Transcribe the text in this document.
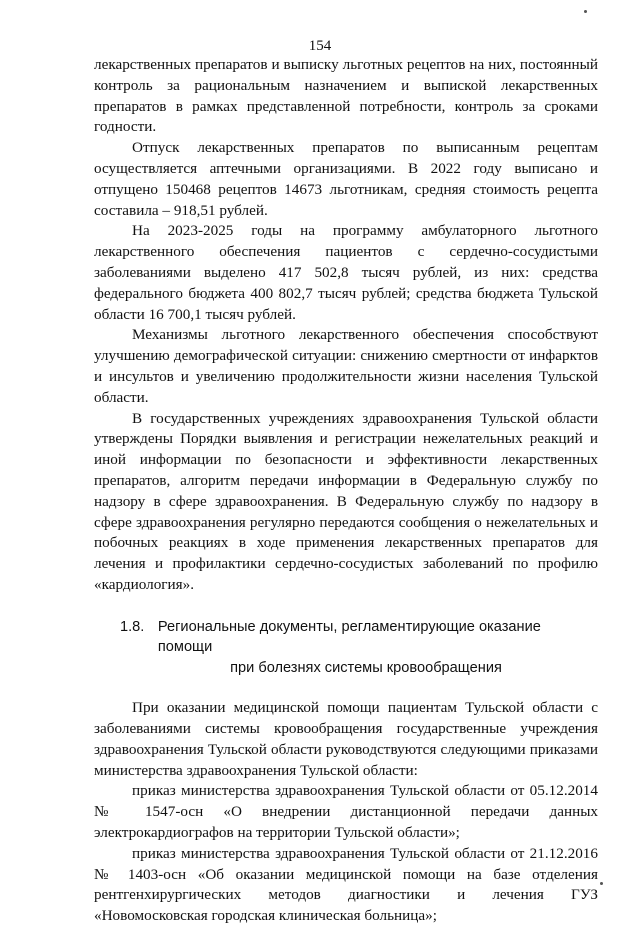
154

лекарственных препаратов и выписку льготных рецептов на них, постоянный контроль за рациональным назначением и выпиской лекарственных препаратов в рамках представленной потребности, контроль за сроками годности.

Отпуск лекарственных препаратов по выписанным рецептам осуществляется аптечными организациями. В 2022 году выписано и отпущено 150468 рецептов 14673 льготникам, средняя стоимость рецепта составила – 918,51 рублей.

На 2023-2025 годы на программу амбулаторного льготного лекарственного обеспечения пациентов с сердечно-сосудистыми заболеваниями выделено 417 502,8 тысяч рублей, из них: средства федерального бюджета 400 802,7 тысяч рублей; средства бюджета Тульской области 16 700,1 тысяч рублей.

Механизмы льготного лекарственного обеспечения способствуют улучшению демографической ситуации: снижению смертности от инфарктов и инсультов и увеличению продолжительности жизни населения Тульской области.

В государственных учреждениях здравоохранения Тульской области утверждены Порядки выявления и регистрации нежелательных реакций и иной информации по безопасности и эффективности лекарственных препаратов, алгоритм передачи информации в Федеральную службу по надзору в сфере здравоохранения. В Федеральную службу по надзору в сфере здравоохранения регулярно передаются сообщения о нежелательных и побочных реакциях в ходе применения лекарственных препаратов для лечения и профилактики сердечно-сосудистых заболеваний по профилю «кардиология».

1.8. Региональные документы, регламентирующие оказание помощи
при болезнях системы кровообращения

При оказании медицинской помощи пациентам Тульской области с заболеваниями системы кровообращения государственные учреждения здравоохранения Тульской области руководствуются следующими приказами министерства здравоохранения Тульской области:

приказ министерства здравоохранения Тульской области от 05.12.2014 № 1547-осн «О внедрении дистанционной передачи данных электрокардиографов на территории Тульской области»;

приказ министерства здравоохранения Тульской области от 21.12.2016 № 1403-осн «Об оказании медицинской помощи на базе отделения рентгенхирургических методов диагностики и лечения ГУЗ «Новомосковская городская клиническая больница»;
